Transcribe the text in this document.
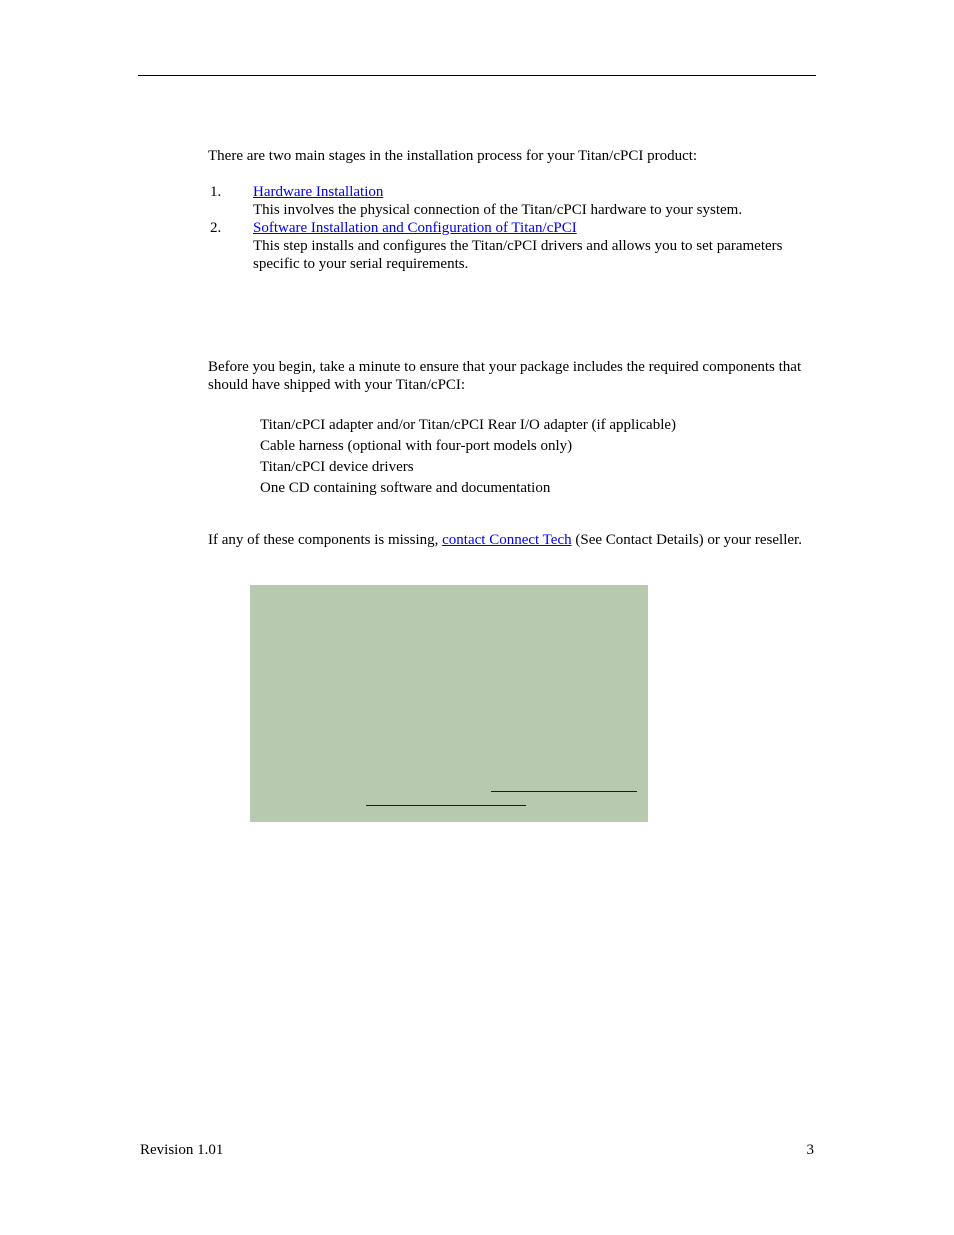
There are two main stages in the installation process for your Titan/cPCI product:

1. Hardware Installation
This involves the physical connection of the Titan/cPCI hardware to your system.
2. Software Installation and Configuration of Titan/cPCI
This step installs and configures the Titan/cPCI drivers and allows you to set parameters specific to your serial requirements.

Before you begin, take a minute to ensure that your package includes the required components that should have shipped with your Titan/cPCI:

Titan/cPCI adapter and/or Titan/cPCI Rear I/O adapter (if applicable)
Cable harness (optional with four-port models only)
Titan/cPCI device drivers
One CD containing software and documentation

If any of these components is missing, contact Connect Tech (See Contact Details) or your reseller.

Revision 1.01	3
